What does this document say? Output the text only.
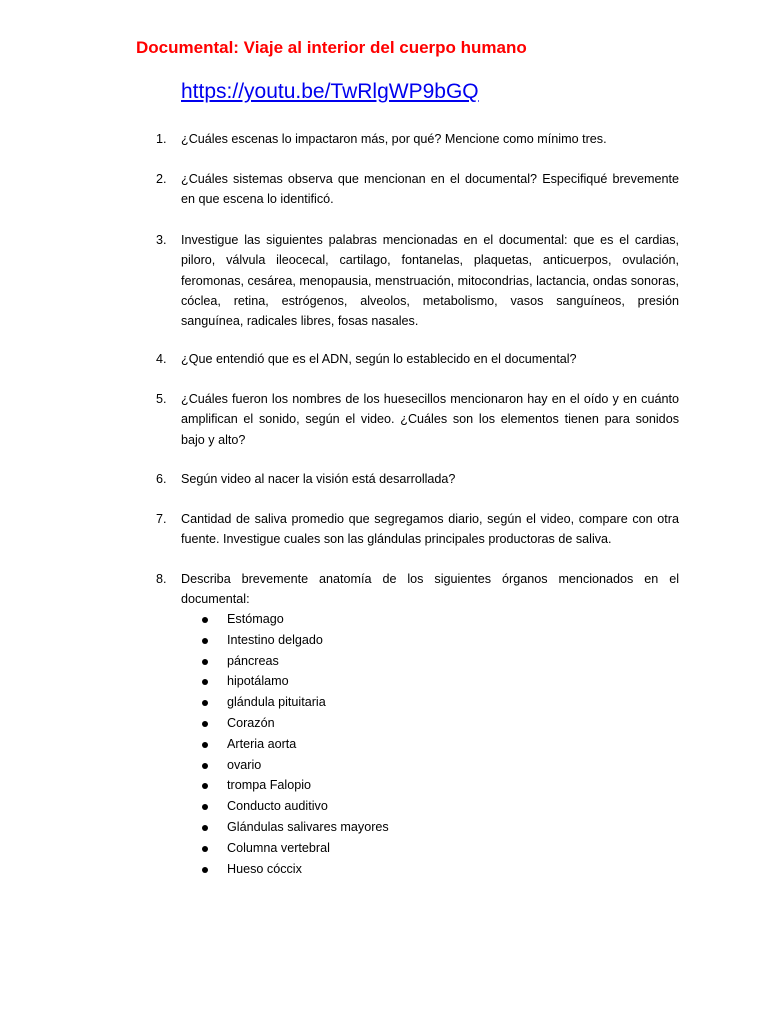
Documental: Viaje al interior del cuerpo humano
https://youtu.be/TwRlgWP9bGQ
1. ¿Cuáles escenas lo impactaron más, por qué? Mencione como mínimo tres.
2. ¿Cuáles sistemas observa que mencionan en el documental? Especifiqué brevemente en que escena lo identificó.
3. Investigue las siguientes palabras mencionadas en el documental: que es el cardias, piloro, válvula ileocecal, cartilago, fontanelas, plaquetas, anticuerpos, ovulación, feromonas, cesárea, menopausia, menstruación, mitocondrias, lactancia, ondas sonoras, cóclea, retina, estrógenos, alveolos, metabolismo, vasos sanguíneos, presión sanguínea, radicales libres, fosas nasales.
4. ¿Que entendió que es el ADN, según lo establecido en el documental?
5. ¿Cuáles fueron los nombres de los huesecillos mencionaron hay en el oído y en cuánto amplifican el sonido, según el video. ¿Cuáles son los elementos tienen para sonidos bajo y alto?
6. Según video al nacer la visión está desarrollada?
7. Cantidad de saliva promedio que segregamos diario, según el video, compare con otra fuente. Investigue cuales son las glándulas principales productoras de saliva.
8. Describa brevemente anatomía de los siguientes órganos mencionados en el documental:
Estómago
Intestino delgado
páncreas
hipotálamo
glándula pituitaria
Corazón
Arteria aorta
ovario
trompa Falopio
Conducto auditivo
Glándulas salivares mayores
Columna vertebral
Hueso cóccix
